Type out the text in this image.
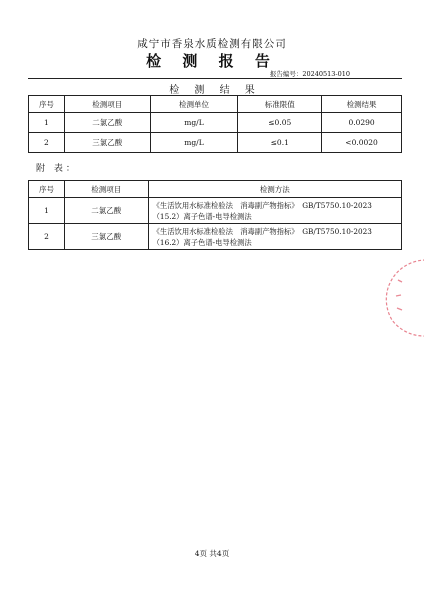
咸宁市香泉水质检测有限公司
检 测 报 告
报告编号：20240513-010
检 测 结 果
序号	检测项目	检测单位	标准限值	检测结果
1	二氯乙酸	mg/L	≤0.05	0.0290
2	三氯乙酸	mg/L	≤0.1	<0.0020
附 表：
序号	检测项目	检测方法
1	二氯乙酸	《生活饮用水标准检验法　消毒副产物指标》　GB/T5750.10-2023
（15.2）离子色谱-电导检测法

2	三氯乙酸	《生活饮用水标准检验法　消毒副产物指标》　GB/T5750.10-2023
（16.2）离子色谱-电导检测法
4页 共4页
